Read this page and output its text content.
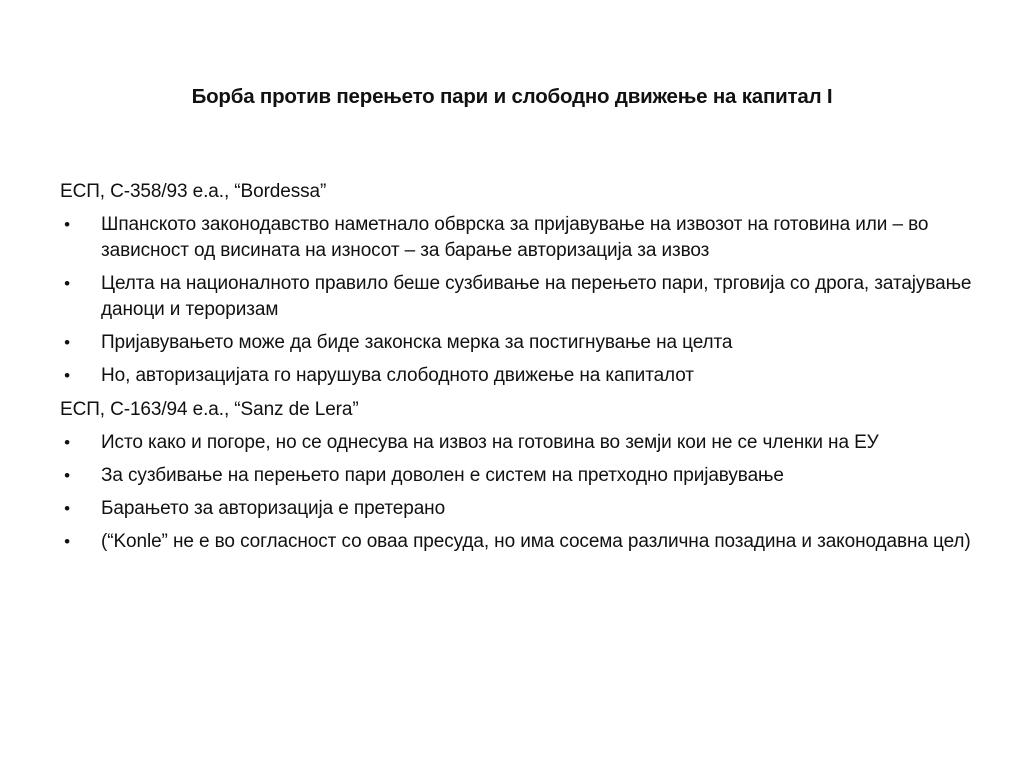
Борба против перењето пари и слободно движење на капитал I
ЕСП, C-358/93 е.а., “Bordessa”
• Шпанското законодавство наметнало обврска за пријавување на извозот на готовина или – во зависност од висината на износот – за барање авторизација за извоз
• Целта на националното правило беше сузбивање на перењето пари, трговија со дрога, затајување даноци и тероризам
• Пријавувањето може да биде законска мерка за постигнување на целта
• Но, авторизацијата го нарушува слободното движење на капиталот
ЕСП, C-163/94 е.а., “Sanz de Lera”
• Исто како и погоре, но се однесува на извоз на готовина во земји кои не се членки на ЕУ
• За сузбивање на перењето пари доволен е систем на претходно пријавување
• Барањето за авторизација е претерано
• (“Konle” не е во согласност со оваа пресуда, но има сосема различна позадина и законодавна цел)
